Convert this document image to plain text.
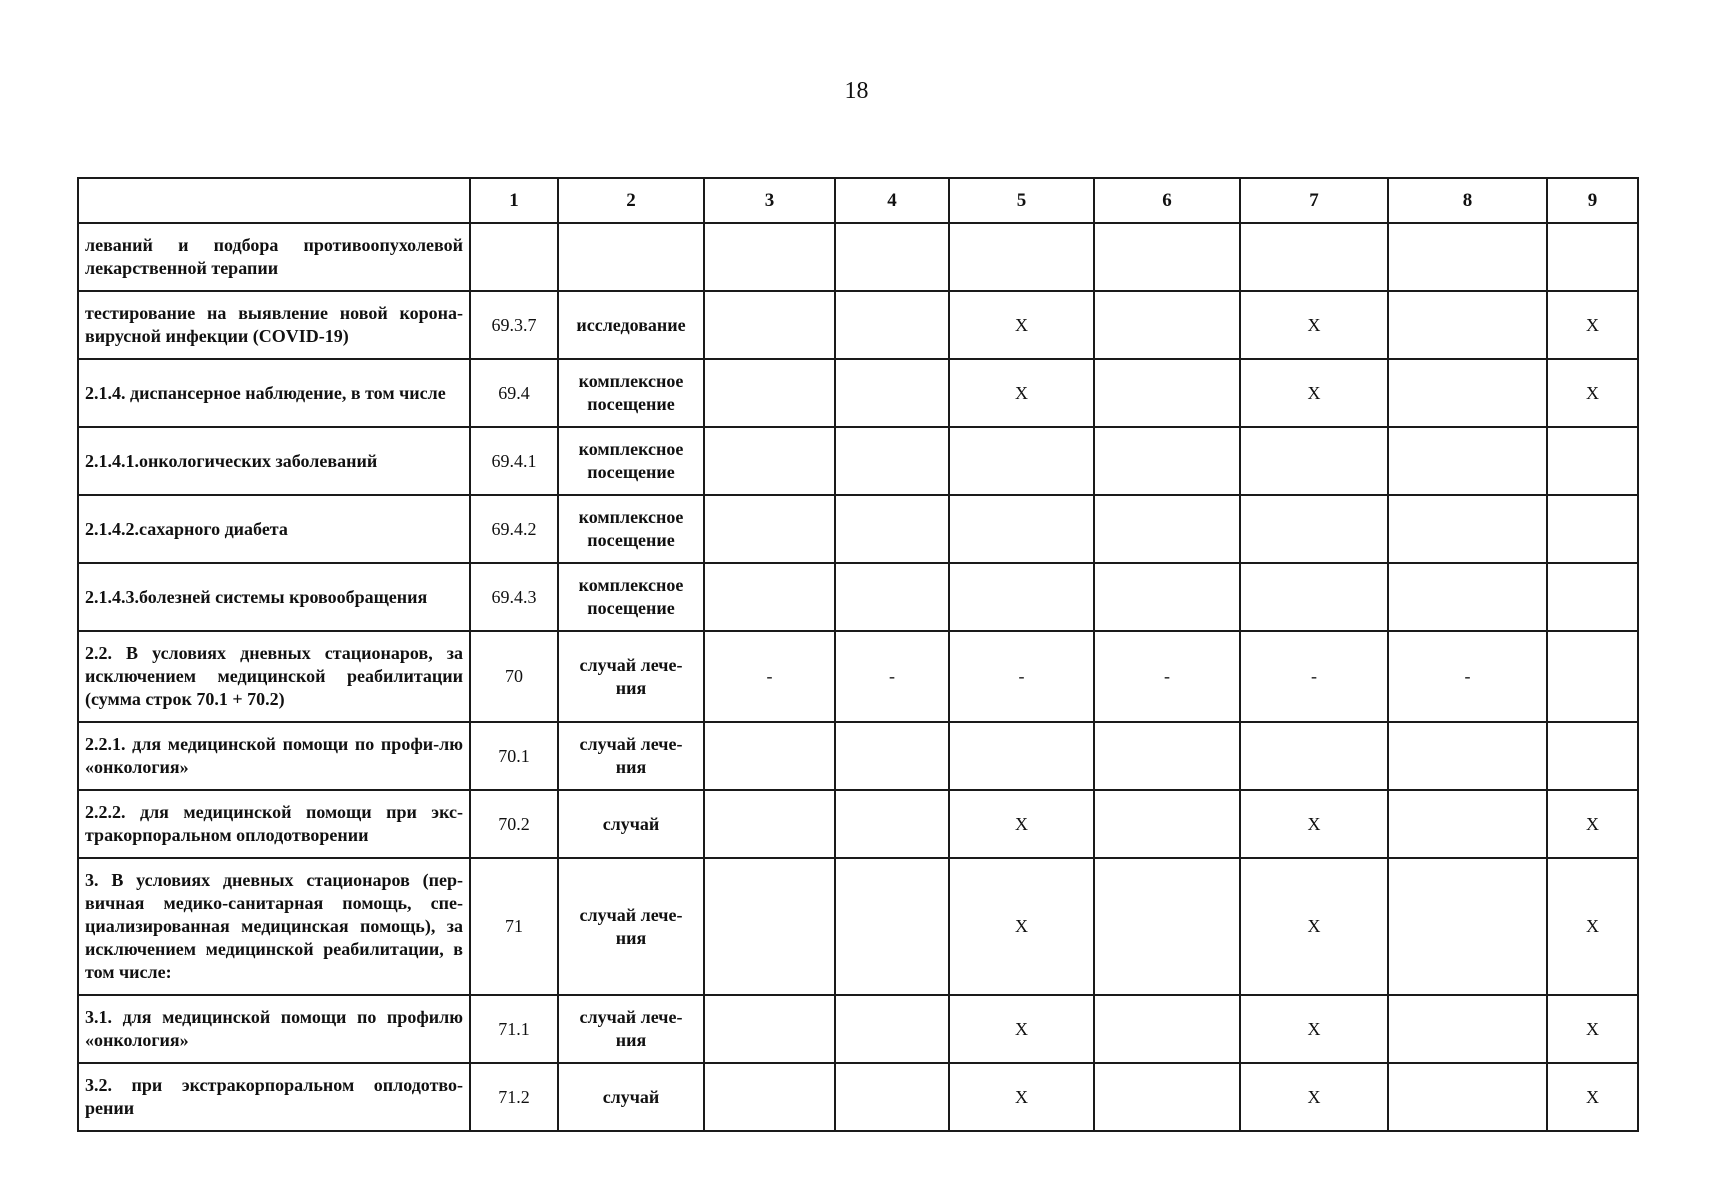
18
	1	2	3	4	5	6	7	8	9
леваний и подбора противоопухолевой лекарственной терапии									
тестирование на выявление новой корона-вирусной инфекции (COVID-19)	69.3.7	исследование			X		X		X
2.1.4. диспансерное наблюдение, в том числе	69.4	комплексное посещение			X		X		X
2.1.4.1.онкологических заболеваний	69.4.1	комплексное посещение							
2.1.4.2.сахарного диабета	69.4.2	комплексное посещение							
2.1.4.3.болезней системы кровообращения	69.4.3	комплексное посещение							
2.2. В условиях дневных стационаров, за исключением медицинской реабилитации (сумма строк 70.1 + 70.2)	70	случай лече-ния	-	-	-	-	-	-	
2.2.1. для медицинской помощи по профи-лю «онкология»	70.1	случай лече-ния							
2.2.2. для медицинской помощи при экс-тракорпоральном оплодотворении	70.2	случай			X		X		X
3. В условиях дневных стационаров (пер-вичная медико-санитарная помощь, спе-циализированная медицинская помощь), за исключением медицинской реабилитации, в том числе:	71	случай лече-ния			X		X		X
3.1. для медицинской помощи по профилю «онкология»	71.1	случай лече-ния			X		X		X
3.2. при экстракорпоральном оплодотво-рении	71.2	случай			X		X		X
